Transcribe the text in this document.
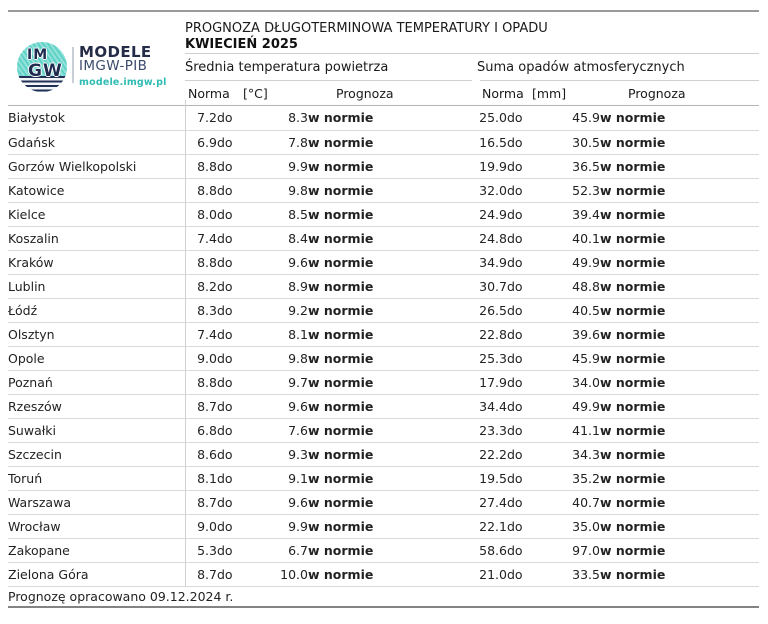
IM
GW
MODELE
IMGW-PIB
modele.imgw.pl
PROGNOZA DŁUGOTERMINOWA TEMPERATURY I OPADU
KWIECIEŃ 2025
Średnia temperatura powietrza	Suma opadów atmosferycznych
Norma [°C]	Prognoza	Norma [mm]	Prognoza
Białystok	7.2	do	8.3	w normie	25.0	do	45.9	w normie
Gdańsk	6.9	do	7.8	w normie	16.5	do	30.5	w normie
Gorzów Wielkopolski	8.8	do	9.9	w normie	19.9	do	36.5	w normie
Katowice	8.8	do	9.8	w normie	32.0	do	52.3	w normie
Kielce	8.0	do	8.5	w normie	24.9	do	39.4	w normie
Koszalin	7.4	do	8.4	w normie	24.8	do	40.1	w normie
Kraków	8.8	do	9.6	w normie	34.9	do	49.9	w normie
Lublin	8.2	do	8.9	w normie	30.7	do	48.8	w normie
Łódź	8.3	do	9.2	w normie	26.5	do	40.5	w normie
Olsztyn	7.4	do	8.1	w normie	22.8	do	39.6	w normie
Opole	9.0	do	9.8	w normie	25.3	do	45.9	w normie
Poznań	8.8	do	9.7	w normie	17.9	do	34.0	w normie
Rzeszów	8.7	do	9.6	w normie	34.4	do	49.9	w normie
Suwałki	6.8	do	7.6	w normie	23.3	do	41.1	w normie
Szczecin	8.6	do	9.3	w normie	22.2	do	34.3	w normie
Toruń	8.1	do	9.1	w normie	19.5	do	35.2	w normie
Warszawa	8.7	do	9.6	w normie	27.4	do	40.7	w normie
Wrocław	9.0	do	9.9	w normie	22.1	do	35.0	w normie
Zakopane	5.3	do	6.7	w normie	58.6	do	97.0	w normie
Zielona Góra	8.7	do	10.0	w normie	21.0	do	33.5	w normie
Prognozę opracowano 09.12.2024 r.
